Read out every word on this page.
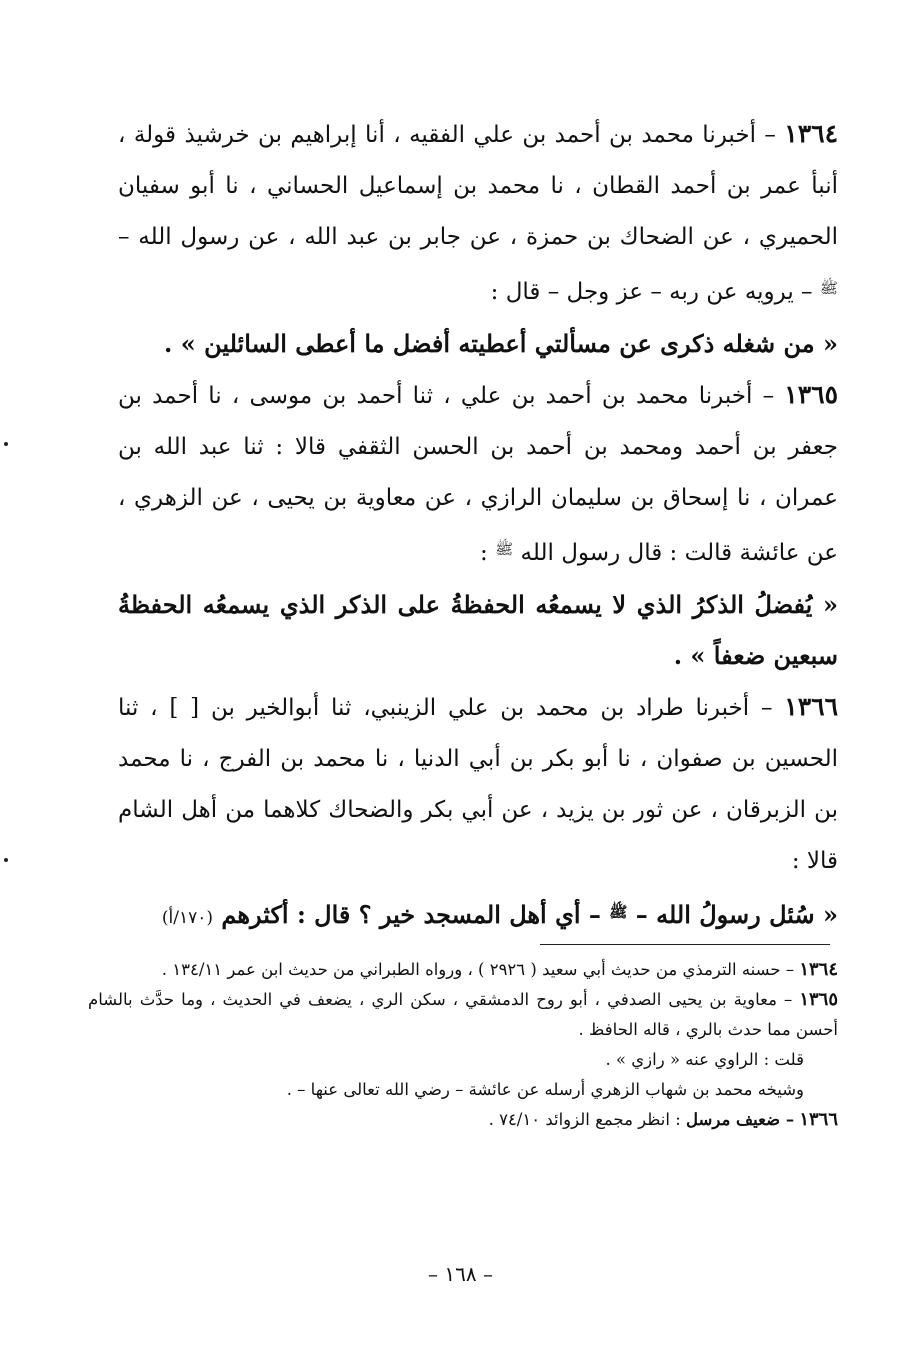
١٣٦٤ – أخبرنا محمد بن أحمد بن علي الفقيه ، أنا إبراهيم بن خرشيذ قولة ، أنبأ عمر بن أحمد القطان ، نا محمد بن إسماعيل الحساني ، نا أبو سفيان الحميري ، عن الضحاك بن حمزة ، عن جابر بن عبد الله ، عن رسول الله – $^ﷺ$ – يرويه عن ربه – عز وجل – قال :

« من شغله ذكرى عن مسألتي أعطيته أفضل ما أعطى السائلين » .

١٣٦٥ – أخبرنا محمد بن أحمد بن علي ، ثنا أحمد بن موسى ، نا أحمد بن جعفر بن أحمد ومحمد بن أحمد بن الحسن الثقفي قالا : ثنا عبد الله بن عمران ، نا إسحاق بن سليمان الرازي ، عن معاوية بن يحيى ، عن الزهري ، عن عائشة قالت : قال رسول الله $^ﷺ$ :

« يُفضلُ الذكرُ الذي لا يسمعُه الحفظةُ على الذكر الذي يسمعُه الحفظةُ سبعين ضعفاً » .

١٣٦٦ – أخبرنا طراد بن محمد بن علي الزينبي، ثنا أبوالخير بن [ ] ، ثنا الحسين بن صفوان ، نا أبو بكر بن أبي الدنيا ، نا محمد بن الفرج ، نا محمد بن الزبرقان ، عن ثور بن يزيد ، عن أبي بكر والضحاك كلاهما من أهل الشام قالا :

« سُئل رسولُ الله – $^ﷺ$ – أي أهل المسجد خير ؟ قال : أكثرهم (١٧٠/أ)

١٣٦٤ – حسنه الترمذي من حديث أبي سعيد ( ٢٩٢٦ ) ، ورواه الطبراني من حديث ابن عمر ١٣٤/١١ .

١٣٦٥ – معاوية بن يحيى الصدفي ، أبو روح الدمشقي ، سكن الري ، يضعف في الحديث ، وما حدَّث بالشام أحسن مما حدث بالري ، قاله الحافظ .

قلت : الراوي عنه « رازي » .

وشيخه محمد بن شهاب الزهري أرسله عن عائشة – رضي الله تعالى عنها – .

١٣٦٦ – ضعيف مرسل : انظر مجمع الزوائد ٧٤/١٠ .

– ١٦٨ –
